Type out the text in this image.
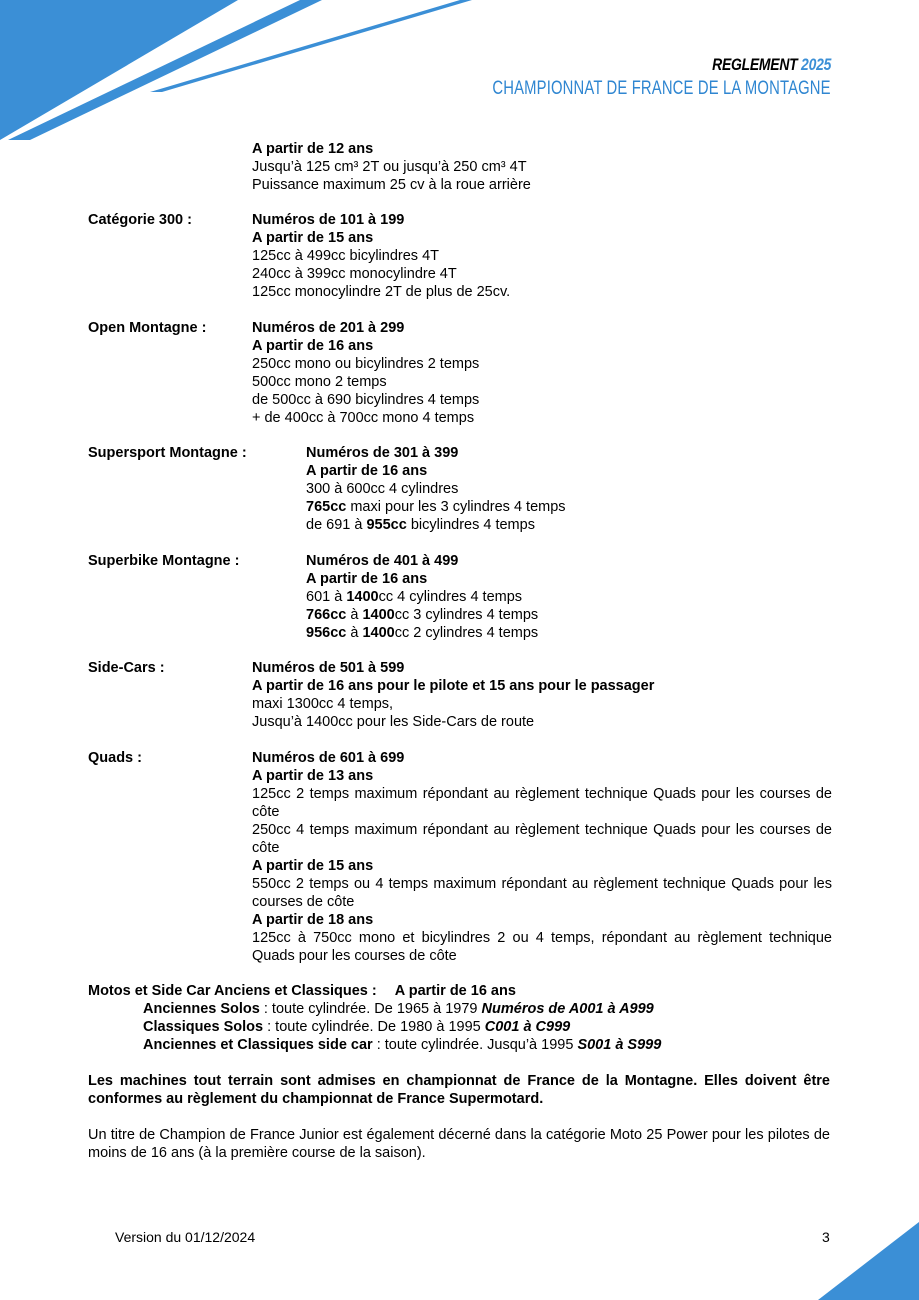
REGLEMENT 2025
CHAMPIONNAT DE FRANCE DE LA MONTAGNE
A partir de 12 ans
Jusqu’à 125 cm³ 2T ou jusqu’à 250 cm³ 4T
Puissance maximum 25 cv à la roue arrière
Catégorie 300 :	Numéros de 101 à 199
A partir de 15 ans
125cc à 499cc bicylindres 4T
240cc à 399cc monocylindre 4T
125cc monocylindre 2T de plus de 25cv.
Open Montagne :	Numéros de 201 à 299
A partir de 16 ans
250cc mono ou bicylindres 2 temps
500cc mono 2 temps
de 500cc à 690 bicylindres 4 temps
+ de 400cc à 700cc mono 4 temps
Supersport Montagne :	Numéros de 301 à 399
A partir de 16 ans
300 à 600cc 4 cylindres
765cc maxi pour les 3 cylindres 4 temps
de 691 à 955cc bicylindres 4 temps
Superbike Montagne :	Numéros de 401 à 499
A partir de 16 ans
601 à 1400cc 4 cylindres 4 temps
766cc à 1400cc 3 cylindres 4 temps
956cc à 1400cc 2 cylindres 4 temps
Side-Cars :	Numéros de 501 à 599
A partir de 16 ans pour le pilote et 15 ans pour le passager
maxi 1300cc 4 temps,
Jusqu’à 1400cc pour les Side-Cars de route
Quads :	Numéros de 601 à 699
A partir de 13 ans
125cc 2 temps maximum répondant au règlement technique Quads pour les courses de côte
250cc 4 temps maximum répondant au règlement technique Quads pour les courses de côte
A partir de 15 ans
550cc 2 temps ou 4 temps maximum répondant au règlement technique Quads pour les courses de côte
A partir de 18 ans
125cc à 750cc mono et bicylindres 2 ou 4 temps, répondant au règlement technique Quads pour les courses de côte
Motos et Side Car Anciens et Classiques : A partir de 16 ans
Anciennes Solos : toute cylindrée. De 1965 à 1979 Numéros de A001 à A999
Classiques Solos : toute cylindrée. De 1980 à 1995 C001 à C999
Anciennes et Classiques side car : toute cylindrée. Jusqu’à 1995 S001 à S999
Les machines tout terrain sont admises en championnat de France de la Montagne. Elles doivent être conformes au règlement du championnat de France Supermotard.
Un titre de Champion de France Junior est également décerné dans la catégorie Moto 25 Power pour les pilotes de moins de 16 ans (à la première course de la saison).
Version du 01/12/2024	3
